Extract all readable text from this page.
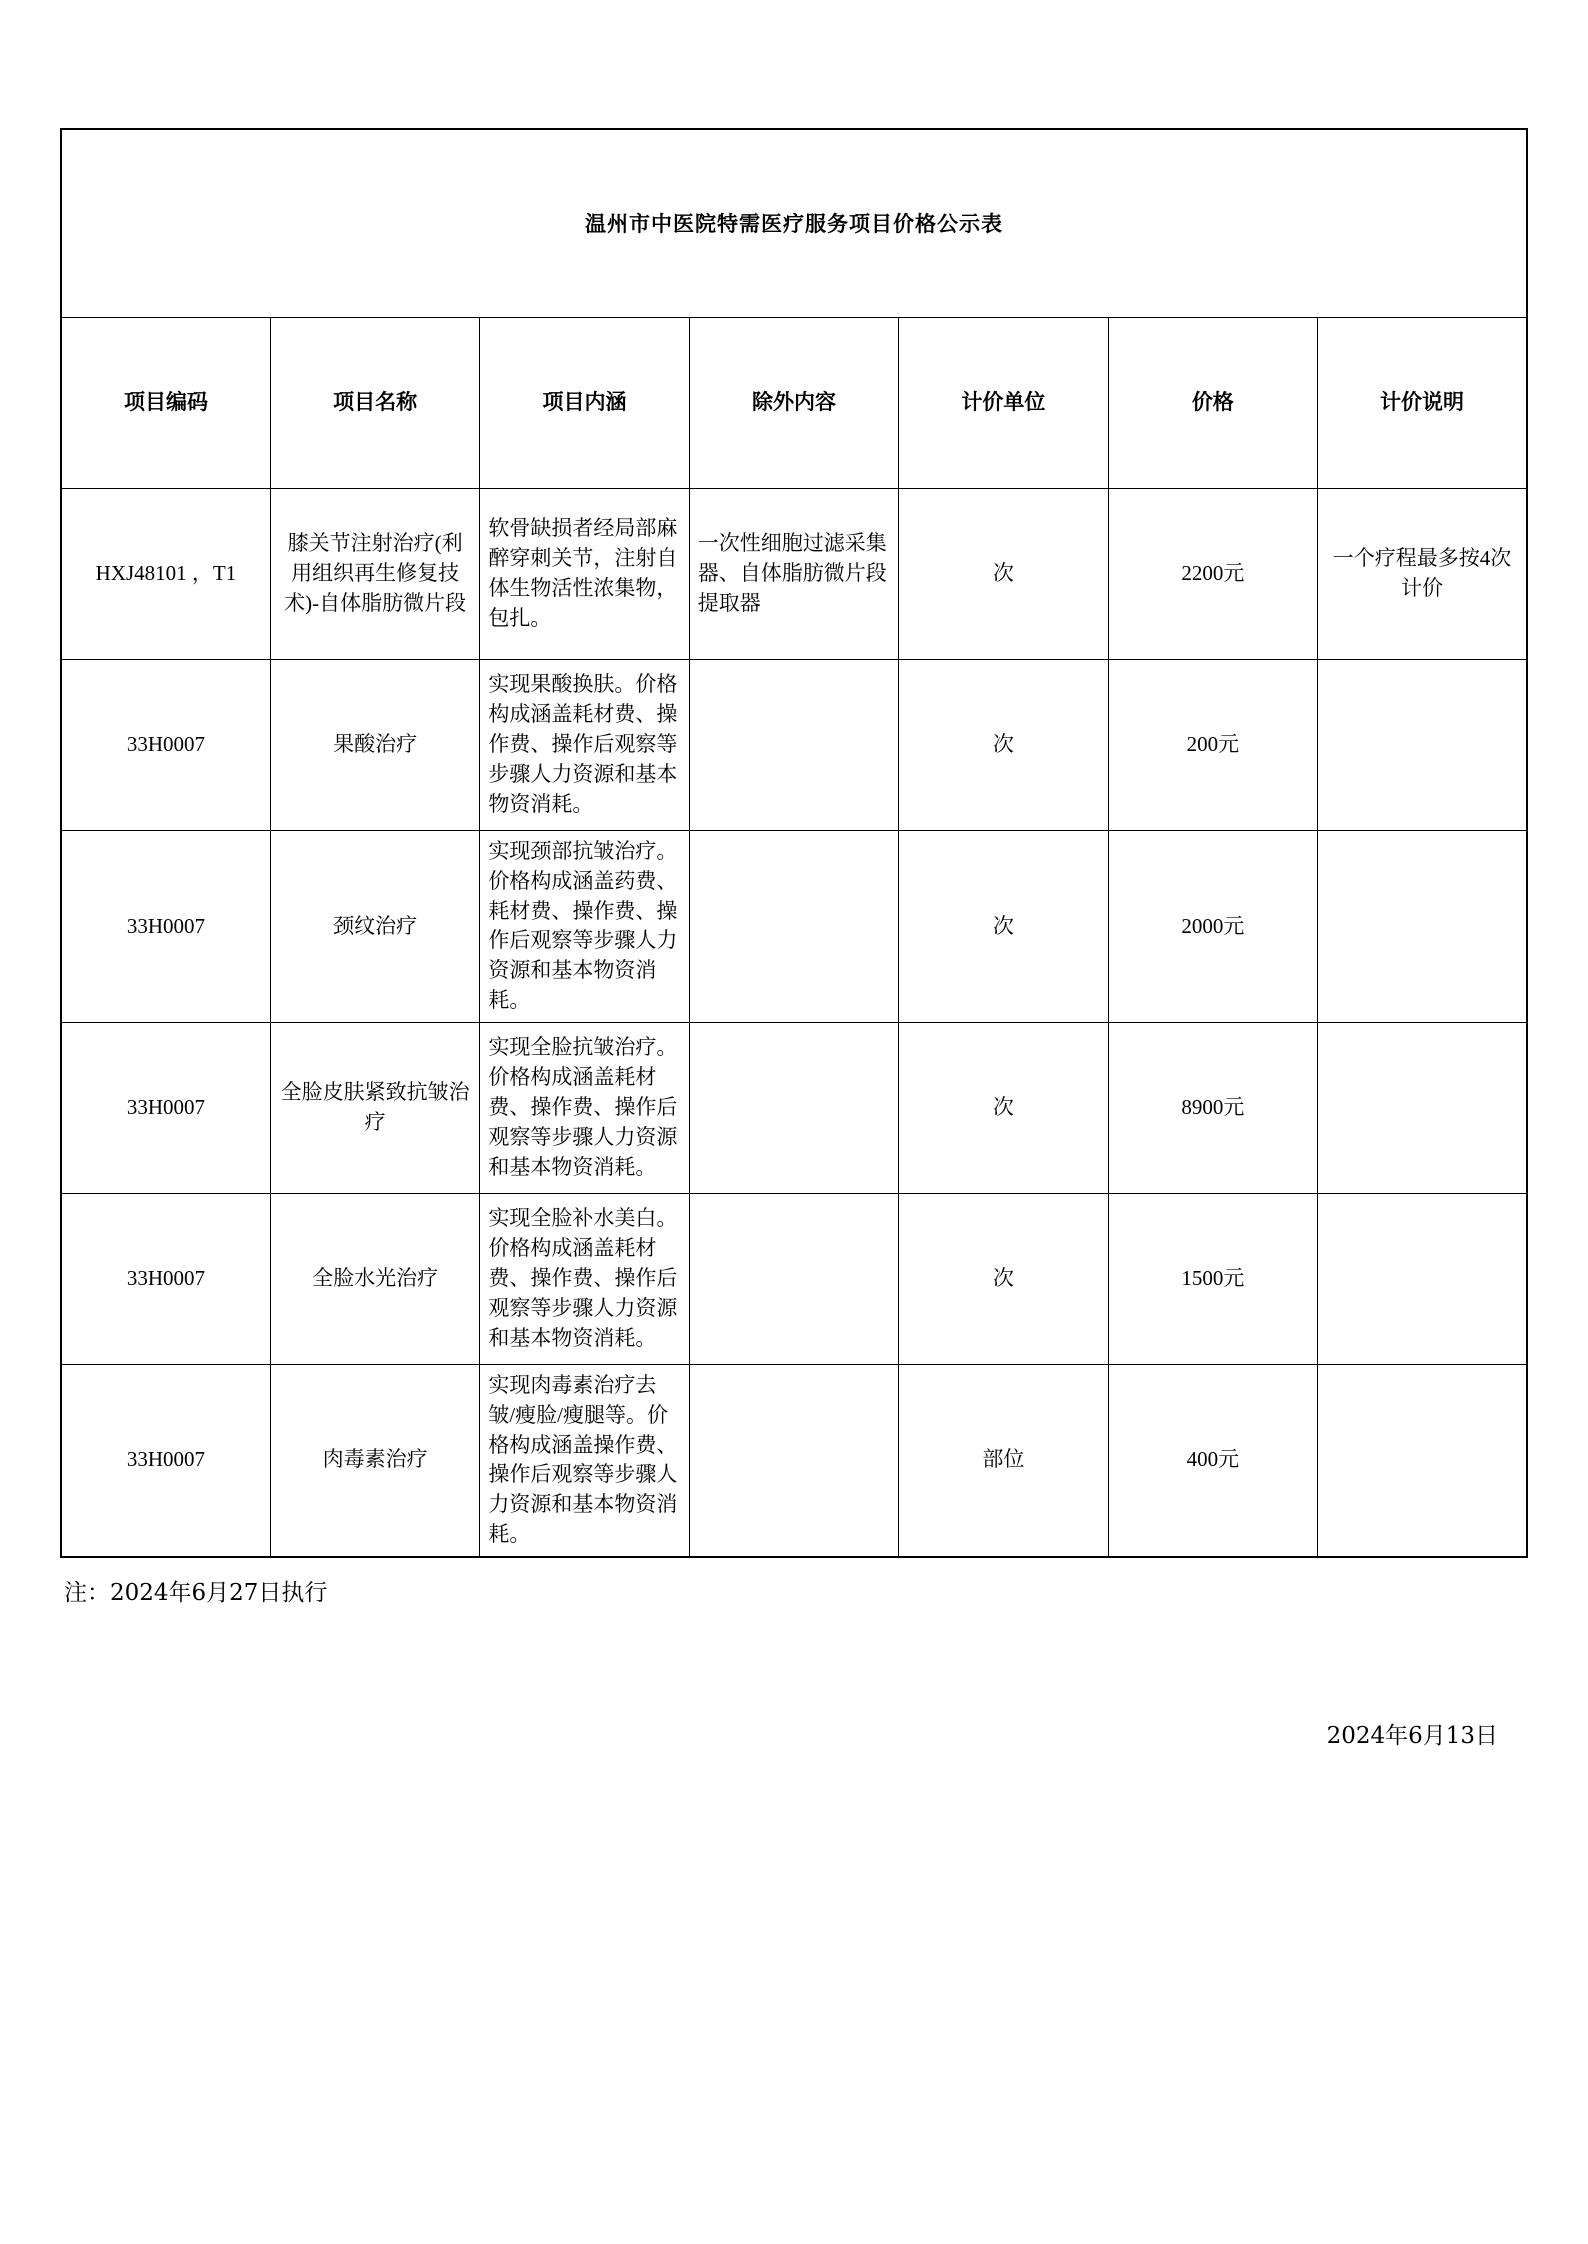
温州市中医院特需医疗服务项目价格公示表						
项目编码	项目名称	项目内涵	除外内容	计价单位	价格	计价说明
HXJ48101 ，T1	膝关节注射治疗(利用组织再生修复技术)-自体脂肪微片段	软骨缺损者经局部麻醉穿刺关节，注射自体生物活性浓集物，包扎。	一次性细胞过滤采集器、自体脂肪微片段提取器	次	2200元	一个疗程最多按4次计价
33H0007	果酸治疗	实现果酸换肤。价格构成涵盖耗材费、操作费、操作后观察等步骤人力资源和基本物资消耗。		次	200元	
33H0007	颈纹治疗	实现颈部抗皱治疗。价格构成涵盖药费、耗材费、操作费、操作后观察等步骤人力资源和基本物资消耗。		次	2000元	
33H0007	全脸皮肤紧致抗皱治疗	实现全脸抗皱治疗。价格构成涵盖耗材费、操作费、操作后观察等步骤人力资源和基本物资消耗。		次	8900元	
33H0007	全脸水光治疗	实现全脸补水美白。价格构成涵盖耗材费、操作费、操作后观察等步骤人力资源和基本物资消耗。		次	1500元	
33H0007	肉毒素治疗	实现肉毒素治疗去皱/瘦脸/瘦腿等。价格构成涵盖操作费、操作后观察等步骤人力资源和基本物资消耗。		部位	400元	
注：2024年6月27日执行
2024年6月13日
